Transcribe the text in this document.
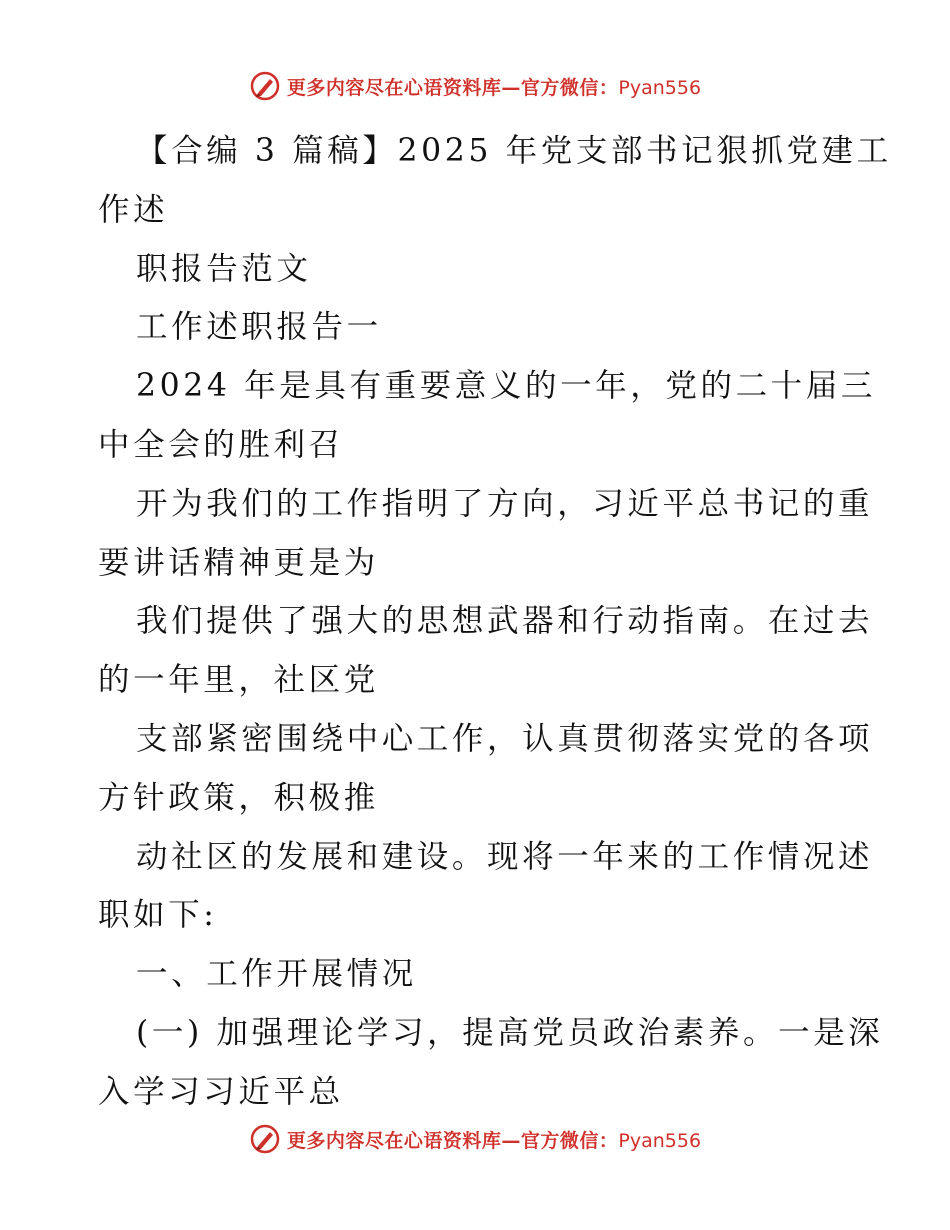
更多内容尽在心语资料库—官方微信：Pyan556
【合编 3 篇稿】2025 年党支部书记狠抓党建工
作述
职报告范文
工作述职报告一
2024 年是具有重要意义的一年，党的二十届三
中全会的胜利召
开为我们的工作指明了方向，习近平总书记的重
要讲话精神更是为
我们提供了强大的思想武器和行动指南。在过去
的一年里，社区党
支部紧密围绕中心工作，认真贯彻落实党的各项
方针政策，积极推
动社区的发展和建设。现将一年来的工作情况述
职如下:
一、工作开展情况
(一) 加强理论学习，提高党员政治素养。一是深
入学习习近平总
更多内容尽在心语资料库—官方微信：Pyan556
